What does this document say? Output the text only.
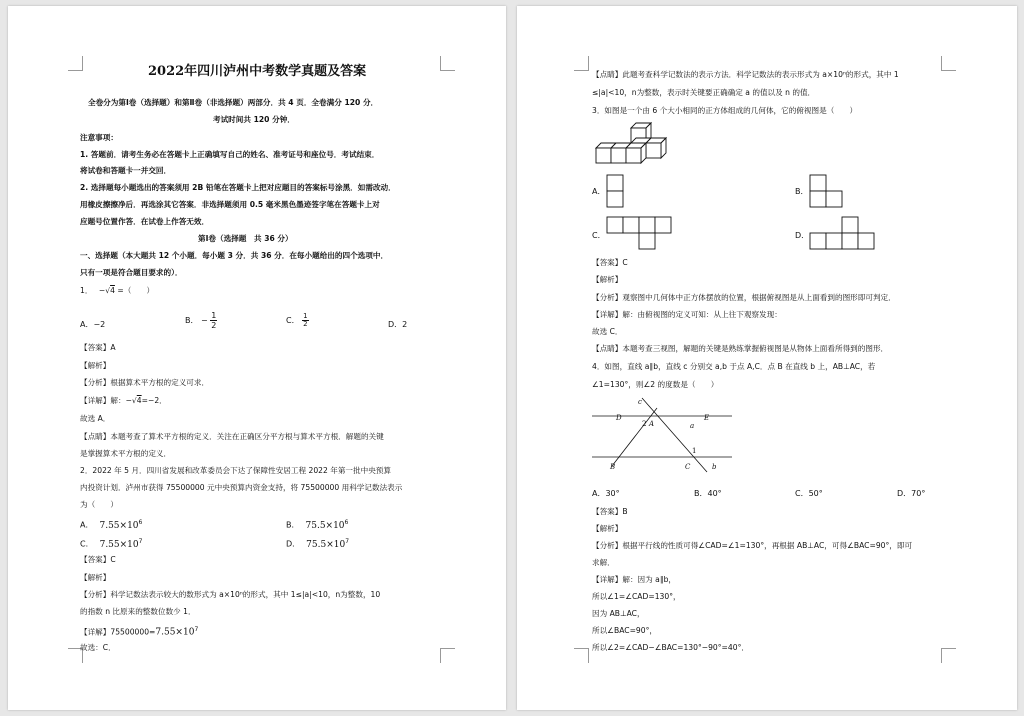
2022年四川泸州中考数学真题及答案
全卷分为第Ⅰ卷（选择题）和第Ⅱ卷（非选择题）两部分．共 4 页．全卷满分 120 分．
考试时间共 120 分钟．
注意事项：
1. 答题前．请考生务必在答题卡上正确填写自己的姓名、准考证号和座位号．考试结束．
将试卷和答题卡一并交回．
2. 选择题每小题选出的答案须用 2B 铅笔在答题卡上把对应题目的答案标号涂黑．如需改动．
用橡皮擦擦净后．再选涂其它答案．非选择题须用 0.5 毫米黑色墨迹签字笔在答题卡上对
应题号位置作答．在试卷上作答无效．
第Ⅰ卷（选择题　共 36 分）
一、选择题（本大题共 12 个小题．每小题 3 分．共 36 分．在每小题给出的四个选项中．
只有一项是符合题目要求的）．
1． −√4 =（　　）
A．−2	B． − $\frac{1}{2}$	C． $\frac{1}{2}$	D．2
【答案】A
【解析】
【分析】根据算术平方根的定义可求．
【详解】解：−√4=−2．
故选 A．
【点睛】本题考查了算术平方根的定义．关注在正确区分平方根与算术平方根．解题的关键
是掌握算术平方根的定义．
2．2022 年 5 月．四川省发展和改革委员会下达了保障性安居工程 2022 年第一批中央预算
内投资计划．泸州市获得 75500000 元中央预算内资金支持，将 75500000 用科学记数法表示
为（　　）
A． $7.55\times 10^6$	B． $75.5\times 10^6$
C． $7.55\times 10^7$	D． $75.5\times 10^7$
【答案】C
【解析】
【分析】科学记数法表示较大的数形式为 a×10ⁿ的形式，其中 1≤|a|<10，n为整数，10
的指数 n 比原来的整数位数少 1．
【详解】$75500000=7.55\times 10^7$
故选：C．
【点睛】此题考查科学记数法的表示方法．科学记数法的表示形式为 a×10ⁿ的形式，其中 1
≤|a|<10，n为整数，表示时关键要正确确定 a 的值以及 n 的值．
3．如图是一个由 6 个大小相同的正方体组成的几何体，它的俯视图是（　　）
A．	B．
C．	D．
【答案】C
【解析】
【分析】观察图中几何体中正方体摆放的位置，根据俯视图是从上面看到的图形即可判定．
【详解】解：由俯视图的定义可知：从上往下观察发现：
故选 C．
【点睛】本题考查三视图，解题的关键是熟练掌握俯视图是从物体上面看所得到的图形．
4．如图，直线 a∥b，直线 c 分别交 a,b 于点 A,C．点 B 在直线 b 上，AB⊥AC，若
∠1=130°，则∠2 的度数是（　　）
c
D
2 A
E
a
1
B	C	b
A．30°	B．40°	C．50°	D．70°
【答案】B
【解析】
【分析】根据平行线的性质可得∠CAD=∠1=130°，再根据 AB⊥AC，可得∠BAC=90°，即可
求解．
【详解】解：因为 a∥b，
所以∠1=∠CAD=130°，
因为 AB⊥AC，
所以∠BAC=90°，
所以∠2=∠CAD−∠BAC=130°−90°=40°．
